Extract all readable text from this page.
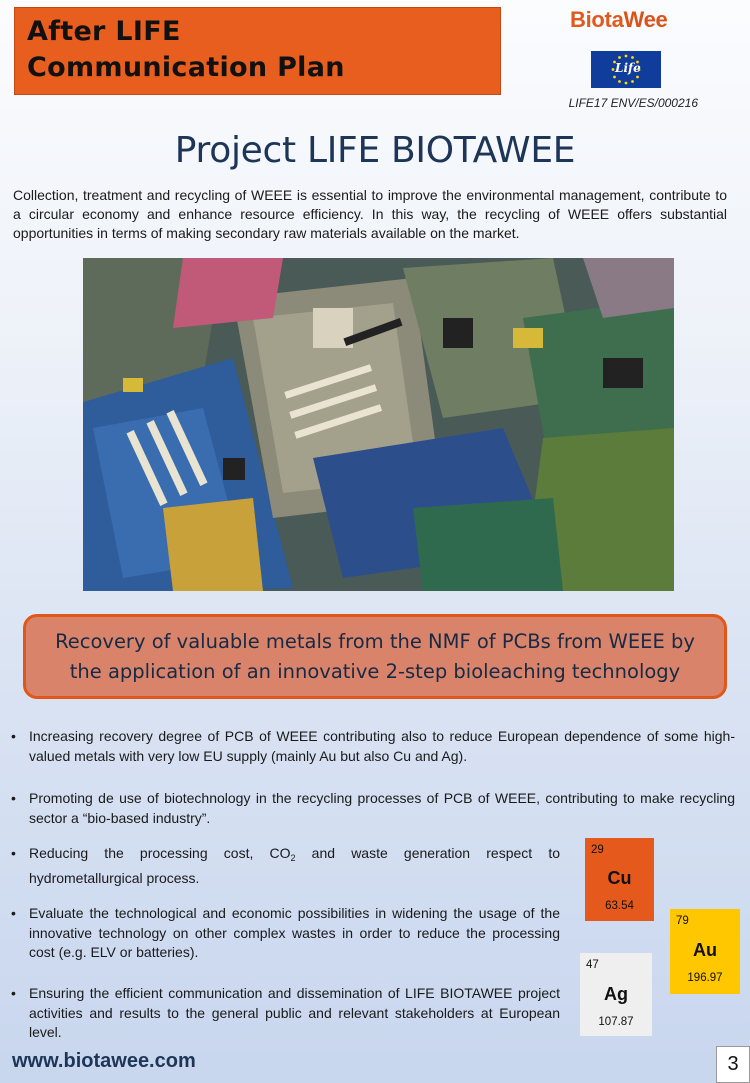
After LIFE
Communication Plan
BiotaWee
Life
LIFE17 ENV/ES/000216
Project LIFE BIOTAWEE

Collection, treatment and recycling of WEEE is essential to improve the environmental management, contribute to a circular economy and enhance resource efficiency. In this way, the recycling of WEEE offers substantial opportunities in terms of making secondary raw materials available on the market.

Recovery of valuable metals from the NMF of PCBs from WEEE by
the application of an innovative 2-step bioleaching technology

• Increasing recovery degree of PCB of WEEE contributing also to reduce European dependence of some high-valued metals with very low EU supply (mainly Au but also Cu and Ag).

• Promoting de use of biotechnology in the recycling processes of PCB of WEEE, contributing to make recycling sector a “bio-based industry”.

• Reducing the processing cost, $CO_2$ and waste generation respect to hydrometallurgical process.

• Evaluate the technological and economic possibilities in widening the usage of the innovative technology on other complex wastes in order to reduce the processing cost (e.g. ELV or batteries).

• Ensuring the efficient communication and dissemination of LIFE BIOTAWEE project activities and results to the general public and relevant stakeholders at European level.

29
Cu
63.54
79
Au
196.97
47
Ag
107.87
www.biotawee.com	3
